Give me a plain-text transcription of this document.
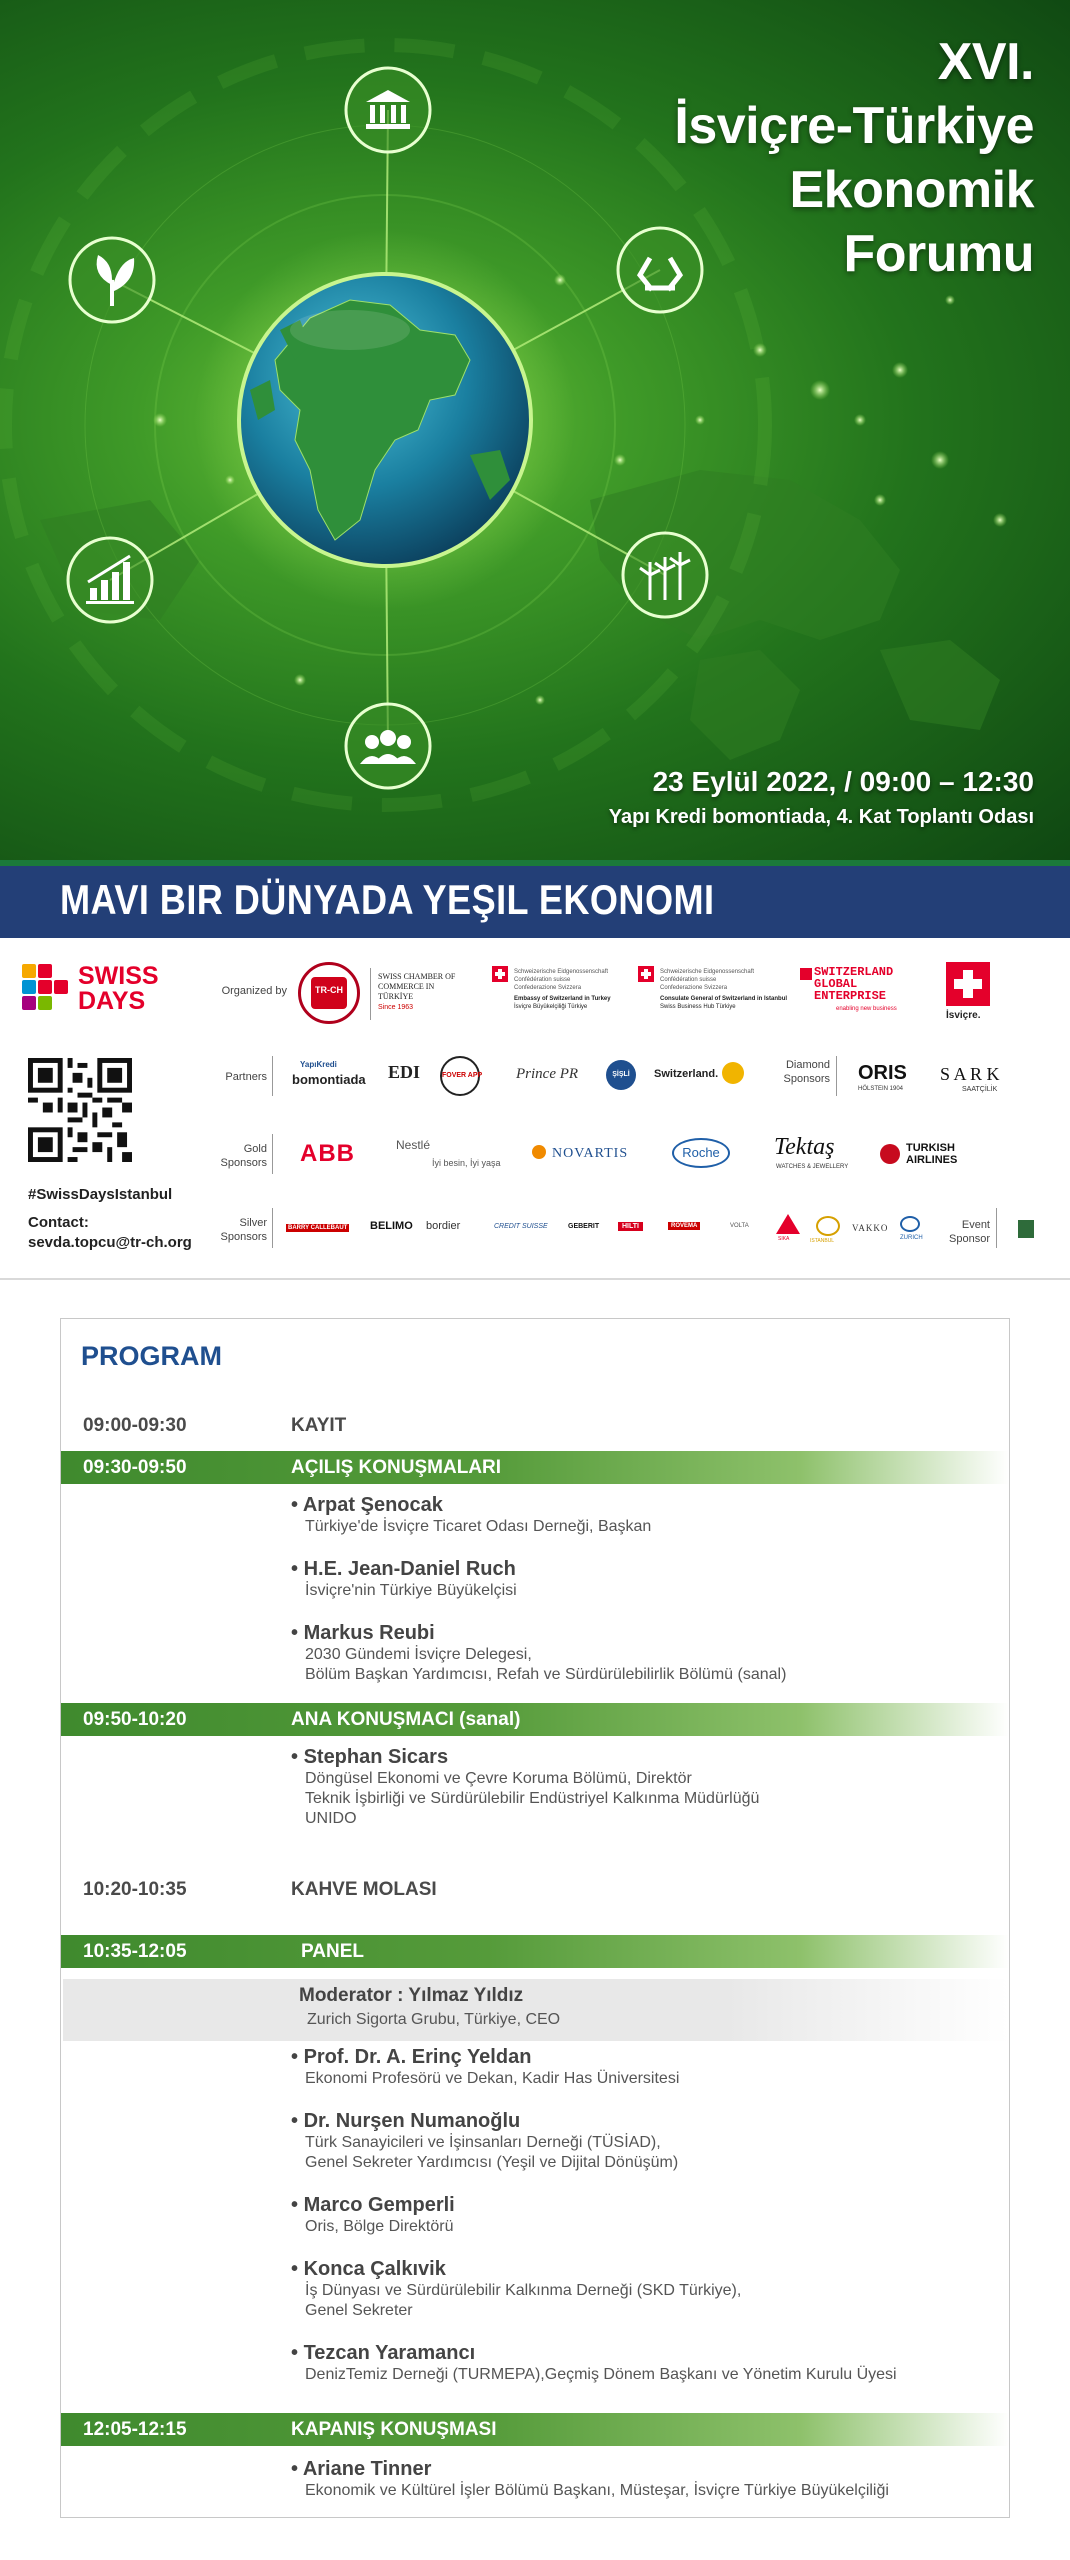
XVI.
İsviçre-Türkiye
Ekonomik
Forumu
23 Eylül 2022, / 09:00 – 12:30
Yapı Kredi bomontiada, 4. Kat Toplantı Odası
MAVI BIR DÜNYADA YEŞIL EKONOMI
SWISS
DAYS	Organized by	TR-CH
SWISS CHAMBER OF COMMERCE IN TÜRKİYE
Since 1963
Schweizerische Eidgenossenschaft
Confédération suisse
Confederazione Svizzera
Embassy of Switzerland in Turkey
İsviçre Büyükelçiliği Türkiye
Schweizerische Eidgenossenschaft
Confédération suisse
Confederazione Svizzera
Consulate General of Switzerland in Istanbul
Swiss Business Hub Türkiye
SWITZERLAND
GLOBAL
ENTERPRISE
enabling new business
İsviçre.
#SwissDaysIstanbul
Contact:
sevda.topcu@tr-ch.org
Partners
YapıKredi
bomontiada EDI	FOVER APP Prince PR	ŞİŞLİ	Switzerland.
Diamond Sponsors ORIS
HÖLSTEIN 1904
S A R K
SAATÇİLİK
Gold Sponsors ABB	Nestlé
İyi besin, İyi yaşa
NOVARTIS	Roche	Tektaş
WATCHES & JEWELLERY
TURKISH AIRLINES
Silver Sponsors
BARRY CALLEBAUT BELIMO bordier	CREDIT SUISSE	GEBERIT	HILTI	ROVEMA	VOLTA
SIKA	ISTANBUL
VAKKO
ZURICH
Event Sponsor
PROGRAM
09:00-09:30	KAYIT
09:30-09:50	AÇILIŞ KONUŞMALARI
• Arpat Şenocak
Türkiye'de İsviçre Ticaret Odası Derneği, Başkan
• H.E. Jean-Daniel Ruch
İsviçre'nin Türkiye Büyükelçisi
• Markus Reubi
2030 Gündemi İsviçre Delegesi,
Bölüm Başkan Yardımcısı, Refah ve Sürdürülebilirlik Bölümü (sanal)
09:50-10:20	ANA KONUŞMACI (sanal)
• Stephan Sicars
Döngüsel Ekonomi ve Çevre Koruma Bölümü, Direktör
Teknik İşbirliği ve Sürdürülebilir Endüstriyel Kalkınma Müdürlüğü
UNIDO
10:20-10:35	KAHVE MOLASI
10:35-12:05	PANEL
Moderator : Yılmaz Yıldız
Zurich Sigorta Grubu, Türkiye, CEO
• Prof. Dr. A. Erinç Yeldan
Ekonomi Profesörü ve Dekan, Kadir Has Üniversitesi
• Dr. Nurşen Numanoğlu
Türk Sanayicileri ve İşinsanları Derneği (TÜSİAD),
Genel Sekreter Yardımcısı (Yeşil ve Dijital Dönüşüm)
• Marco Gemperli
Oris, Bölge Direktörü
• Konca Çalkıvik
İş Dünyası ve Sürdürülebilir Kalkınma Derneği (SKD Türkiye),
Genel Sekreter
• Tezcan Yaramancı
DenizTemiz Derneği (TURMEPA),Geçmiş Dönem Başkanı ve Yönetim Kurulu Üyesi
12:05-12:15	KAPANIŞ KONUŞMASI
• Ariane Tinner
Ekonomik ve Kültürel İşler Bölümü Başkanı, Müsteşar, İsviçre Türkiye Büyükelçiliği
